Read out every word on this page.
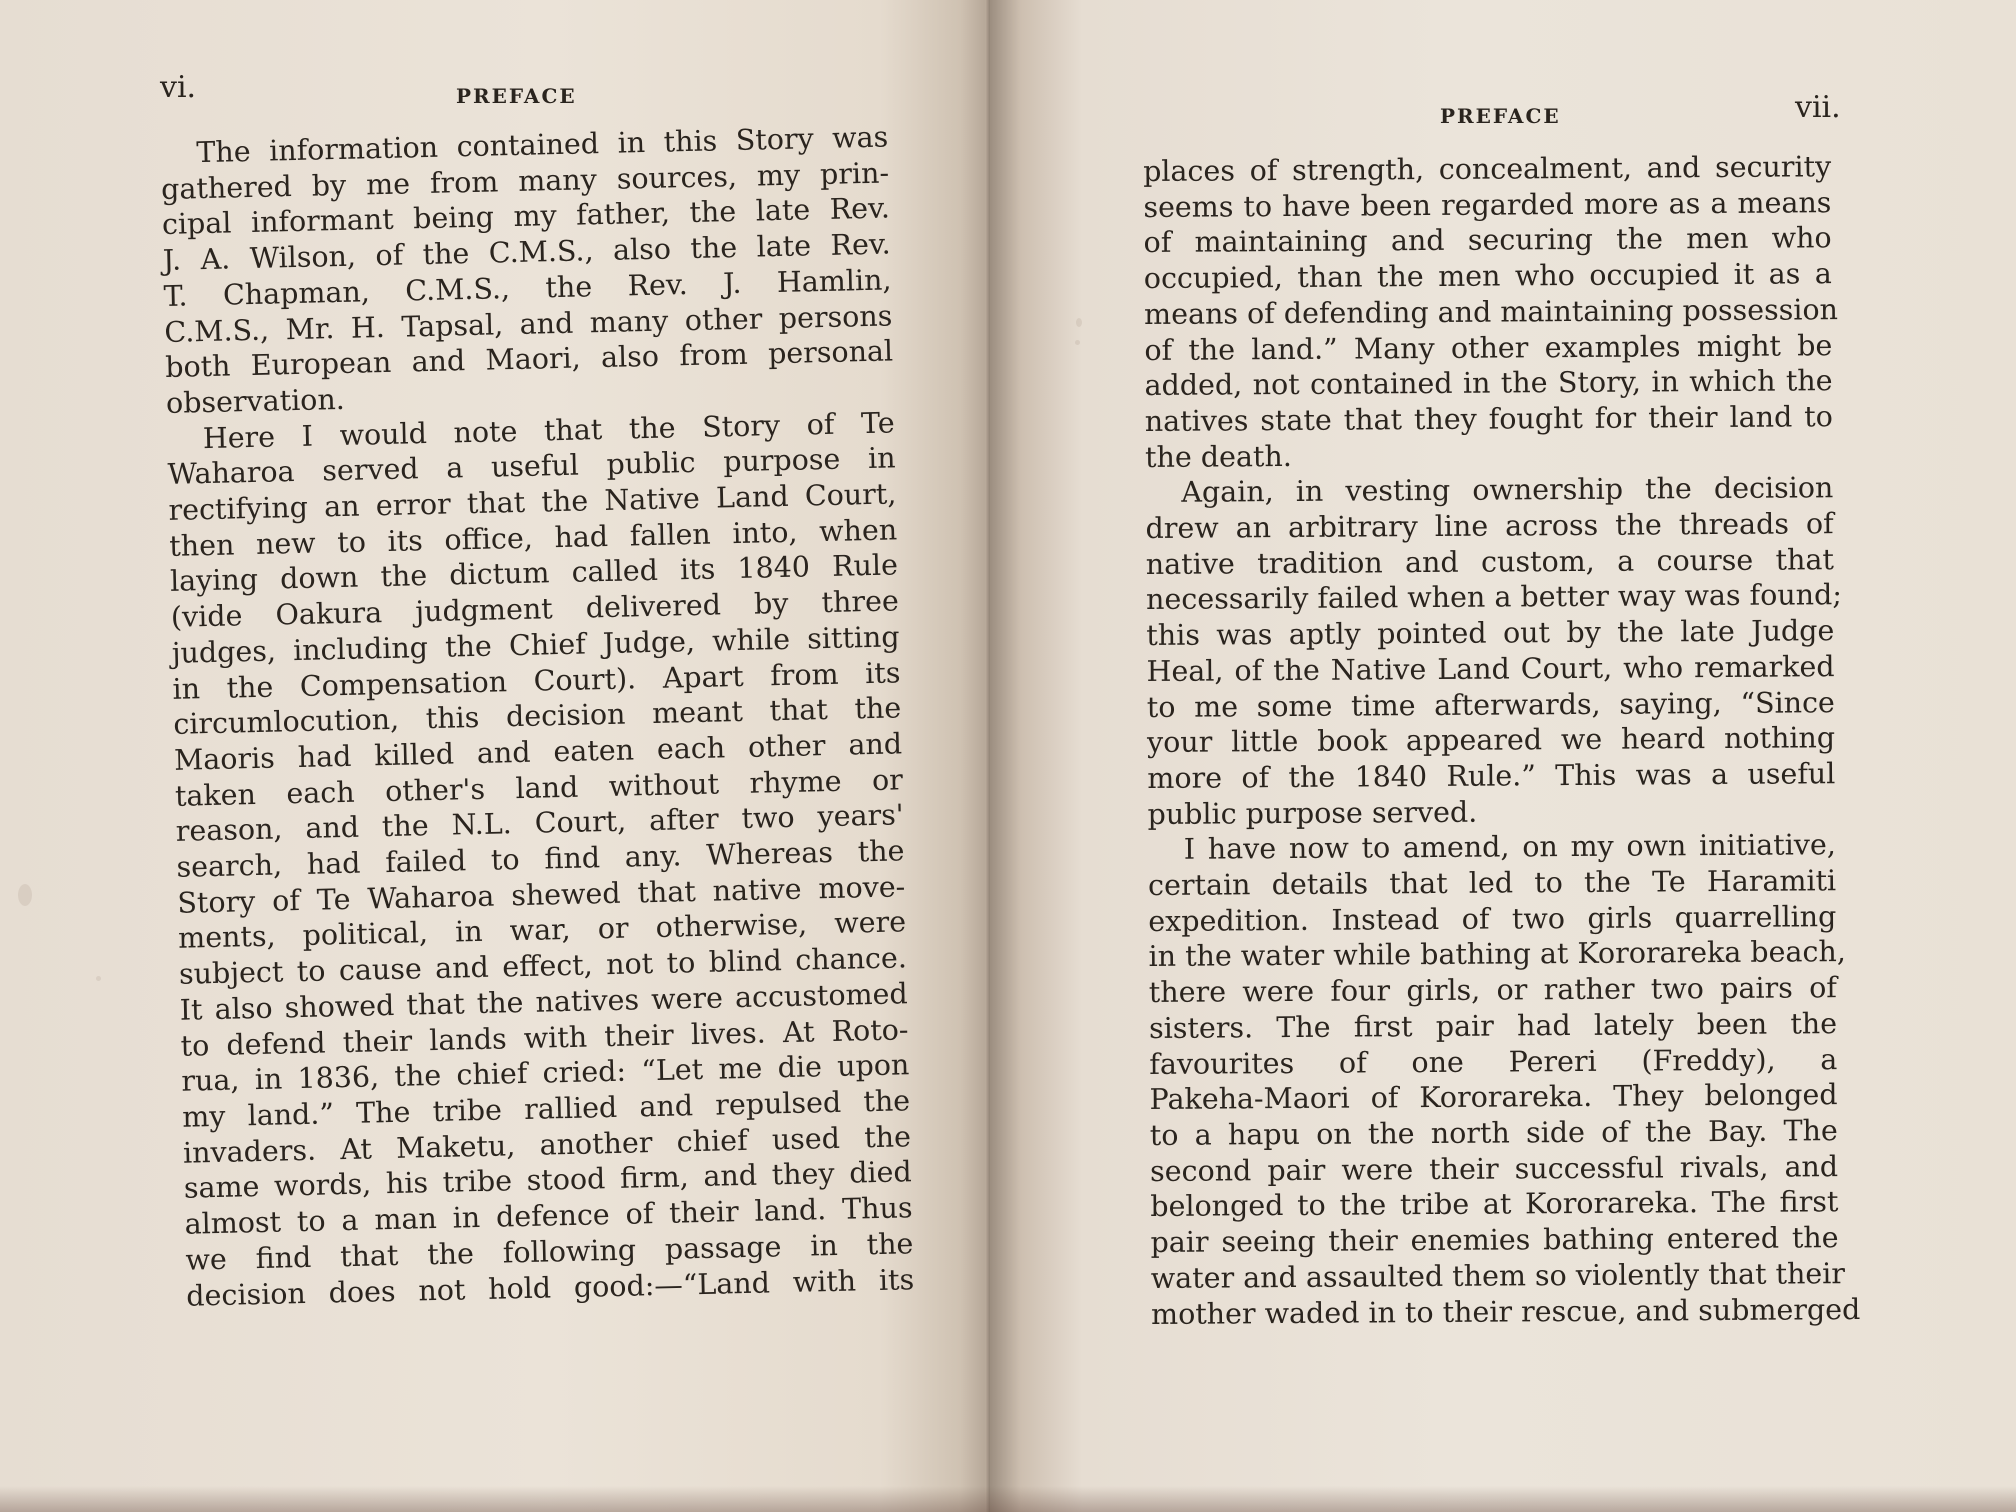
vi.	PREFACE
The information contained in this Story was
gathered by me from many sources, my prin-
cipal informant being my father, the late Rev.
J. A. Wilson, of the C.M.S., also the late Rev.
T. Chapman, C.M.S., the Rev. J. Hamlin,
C.M.S., Mr. H. Tapsal, and many other persons
both European and Maori, also from personal
observation.
Here I would note that the Story of Te
Waharoa served a useful public purpose in
rectifying an error that the Native Land Court,
then new to its office, had fallen into, when
laying down the dictum called its 1840 Rule
(vide Oakura judgment delivered by three
judges, including the Chief Judge, while sitting
in the Compensation Court). Apart from its
circumlocution, this decision meant that the
Maoris had killed and eaten each other and
taken each other's land without rhyme or
reason, and the N.L. Court, after two years'
search, had failed to find any. Whereas the
Story of Te Waharoa shewed that native move-
ments, political, in war, or otherwise, were
subject to cause and effect, not to blind chance.
It also showed that the natives were accustomed
to defend their lands with their lives. At Roto-
rua, in 1836, the chief cried: “Let me die upon
my land.” The tribe rallied and repulsed the
invaders. At Maketu, another chief used the
same words, his tribe stood firm, and they died
almost to a man in defence of their land. Thus
we find that the following passage in the
decision does not hold good:—“Land with its
PREFACE	vii.
places of strength, concealment, and security
seems to have been regarded more as a means
of maintaining and securing the men who
occupied, than the men who occupied it as a
means of defending and maintaining possession
of the land.” Many other examples might be
added, not contained in the Story, in which the
natives state that they fought for their land to
the death.
Again, in vesting ownership the decision
drew an arbitrary line across the threads of
native tradition and custom, a course that
necessarily failed when a better way was found;
this was aptly pointed out by the late Judge
Heal, of the Native Land Court, who remarked
to me some time afterwards, saying, “Since
your little book appeared we heard nothing
more of the 1840 Rule.” This was a useful
public purpose served.
I have now to amend, on my own initiative,
certain details that led to the Te Haramiti
expedition. Instead of two girls quarrelling
in the water while bathing at Kororareka beach,
there were four girls, or rather two pairs of
sisters. The first pair had lately been the
favourites of one Pereri (Freddy), a
Pakeha-Maori of Kororareka. They belonged
to a hapu on the north side of the Bay. The
second pair were their successful rivals, and
belonged to the tribe at Kororareka. The first
pair seeing their enemies bathing entered the
water and assaulted them so violently that their
mother waded in to their rescue, and submerged
